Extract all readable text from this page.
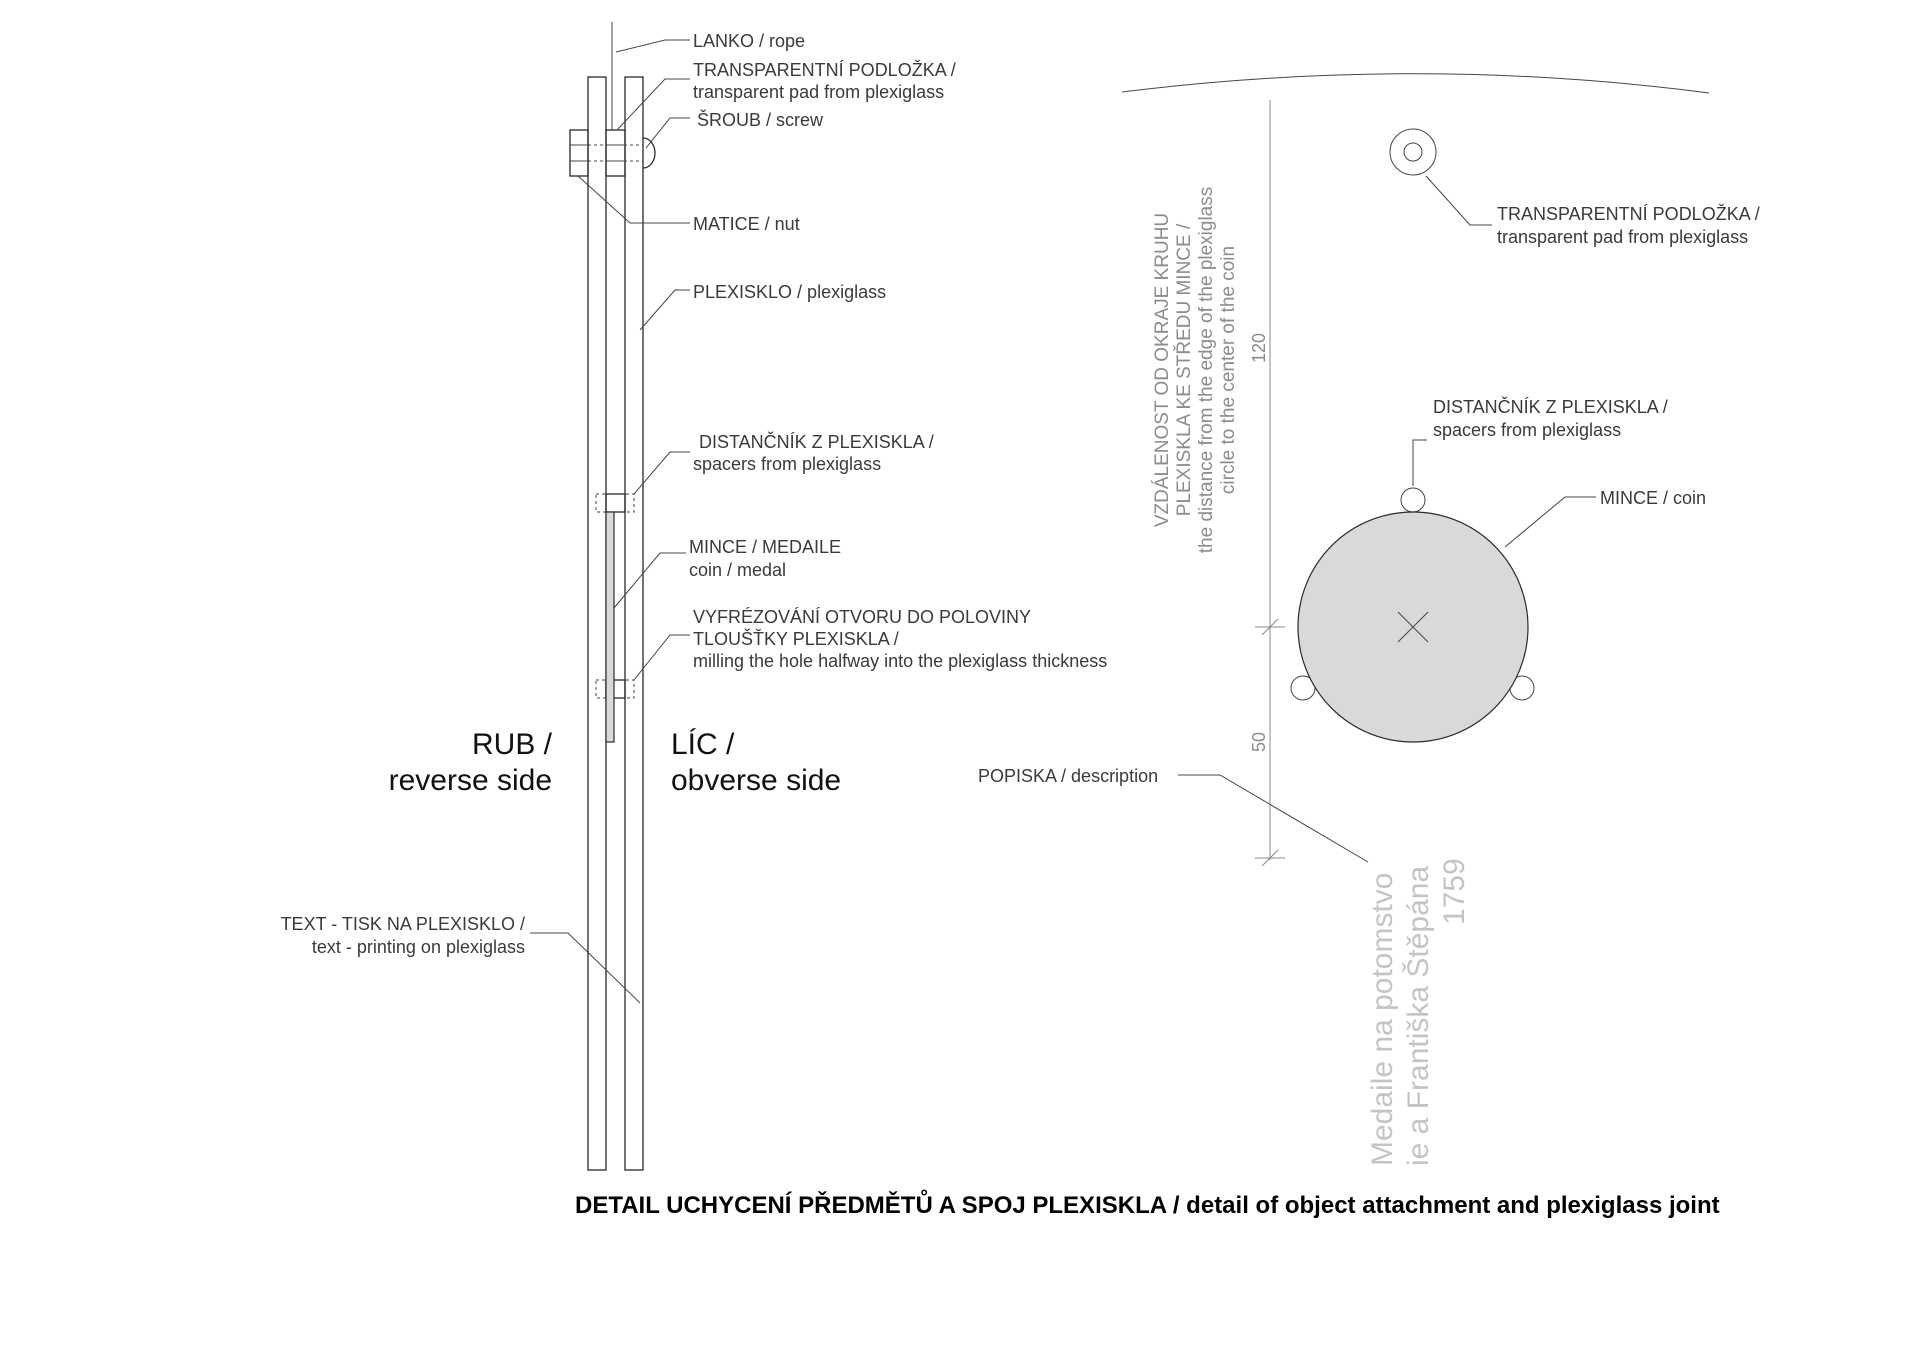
LANKO / rope
TRANSPARENTNÍ PODLOŽKA /
transparent pad from plexiglass
ŠROUB / screw
MATICE / nut
PLEXISKLO / plexiglass
DISTANČNÍK Z PLEXISKLA /
spacers from plexiglass
MINCE / MEDAILE
coin / medal
VYFRÉZOVÁNÍ OTVORU DO POLOVINY
TLOUŠŤKY PLEXISKLA /
milling the hole halfway into the plexiglass thickness
RUB /
reverse side
LÍC /
obverse side
TEXT - TISK NA PLEXISKLO /
text - printing on plexiglass
120
50
VZDÁLENOST OD OKRAJE KRUHU PLEXISKLA KE STŘEDU MINCE / the distance from the edge of the plexiglass circle to the center of the coin
TRANSPARENTNÍ PODLOŽKA /
transparent pad from plexiglass
DISTANČNÍK Z PLEXISKLA /
spacers from plexiglass
MINCE / coin
POPISKA / description
Medaile na potomstvo ie a Františka Štěpána 1759
DETAIL UCHYCENÍ PŘEDMĚTŮ A SPOJ PLEXISKLA / detail of object attachment and plexiglass joint
